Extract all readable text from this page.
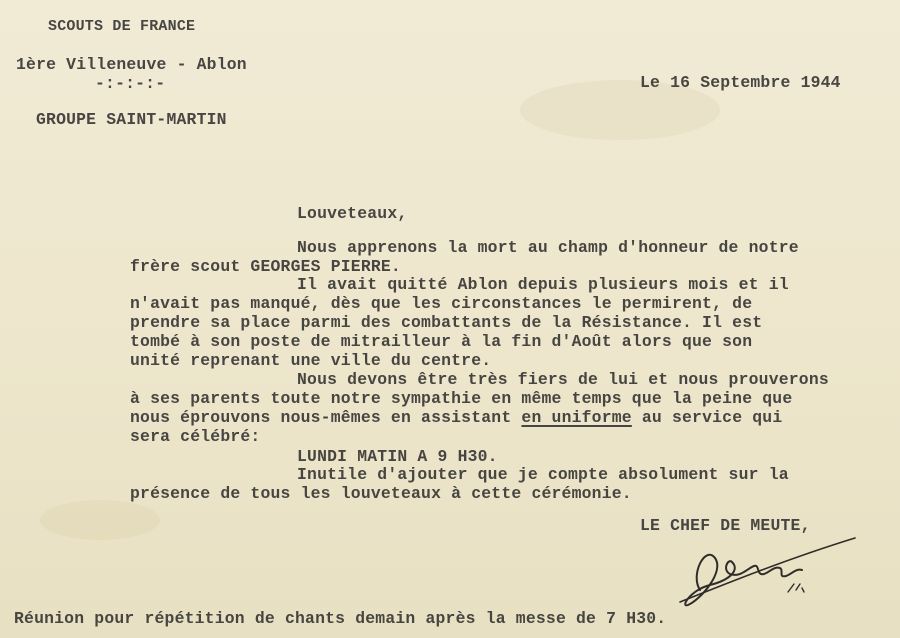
SCOUTS DE FRANCE
1ère Villeneuve - Ablon
-:-:-:-
GROUPE SAINT-MARTIN
Le 16 Septembre 1944
Louveteaux,
Nous apprenons la mort au champ d'honneur de notre
frère scout GEORGES PIERRE.
Il avait quitté Ablon depuis plusieurs mois et il
n'avait pas manqué, dès que les circonstances le permirent, de
prendre sa place parmi des combattants de la Résistance. Il est
tombé à son poste de mitrailleur à la fin d'Août alors que son
unité reprenant une ville du centre.
Nous devons être très fiers de lui et nous prouverons
à ses parents toute notre sympathie en même temps que la peine que
nous éprouvons nous-mêmes en assistant en uniforme au service qui
sera célébré:
LUNDI MATIN A 9 H30.
Inutile d'ajouter que je compte absolument sur la
présence de tous les louveteaux à cette cérémonie.
LE CHEF DE MEUTE,
Réunion pour répétition de chants demain après la messe de 7 H30.
